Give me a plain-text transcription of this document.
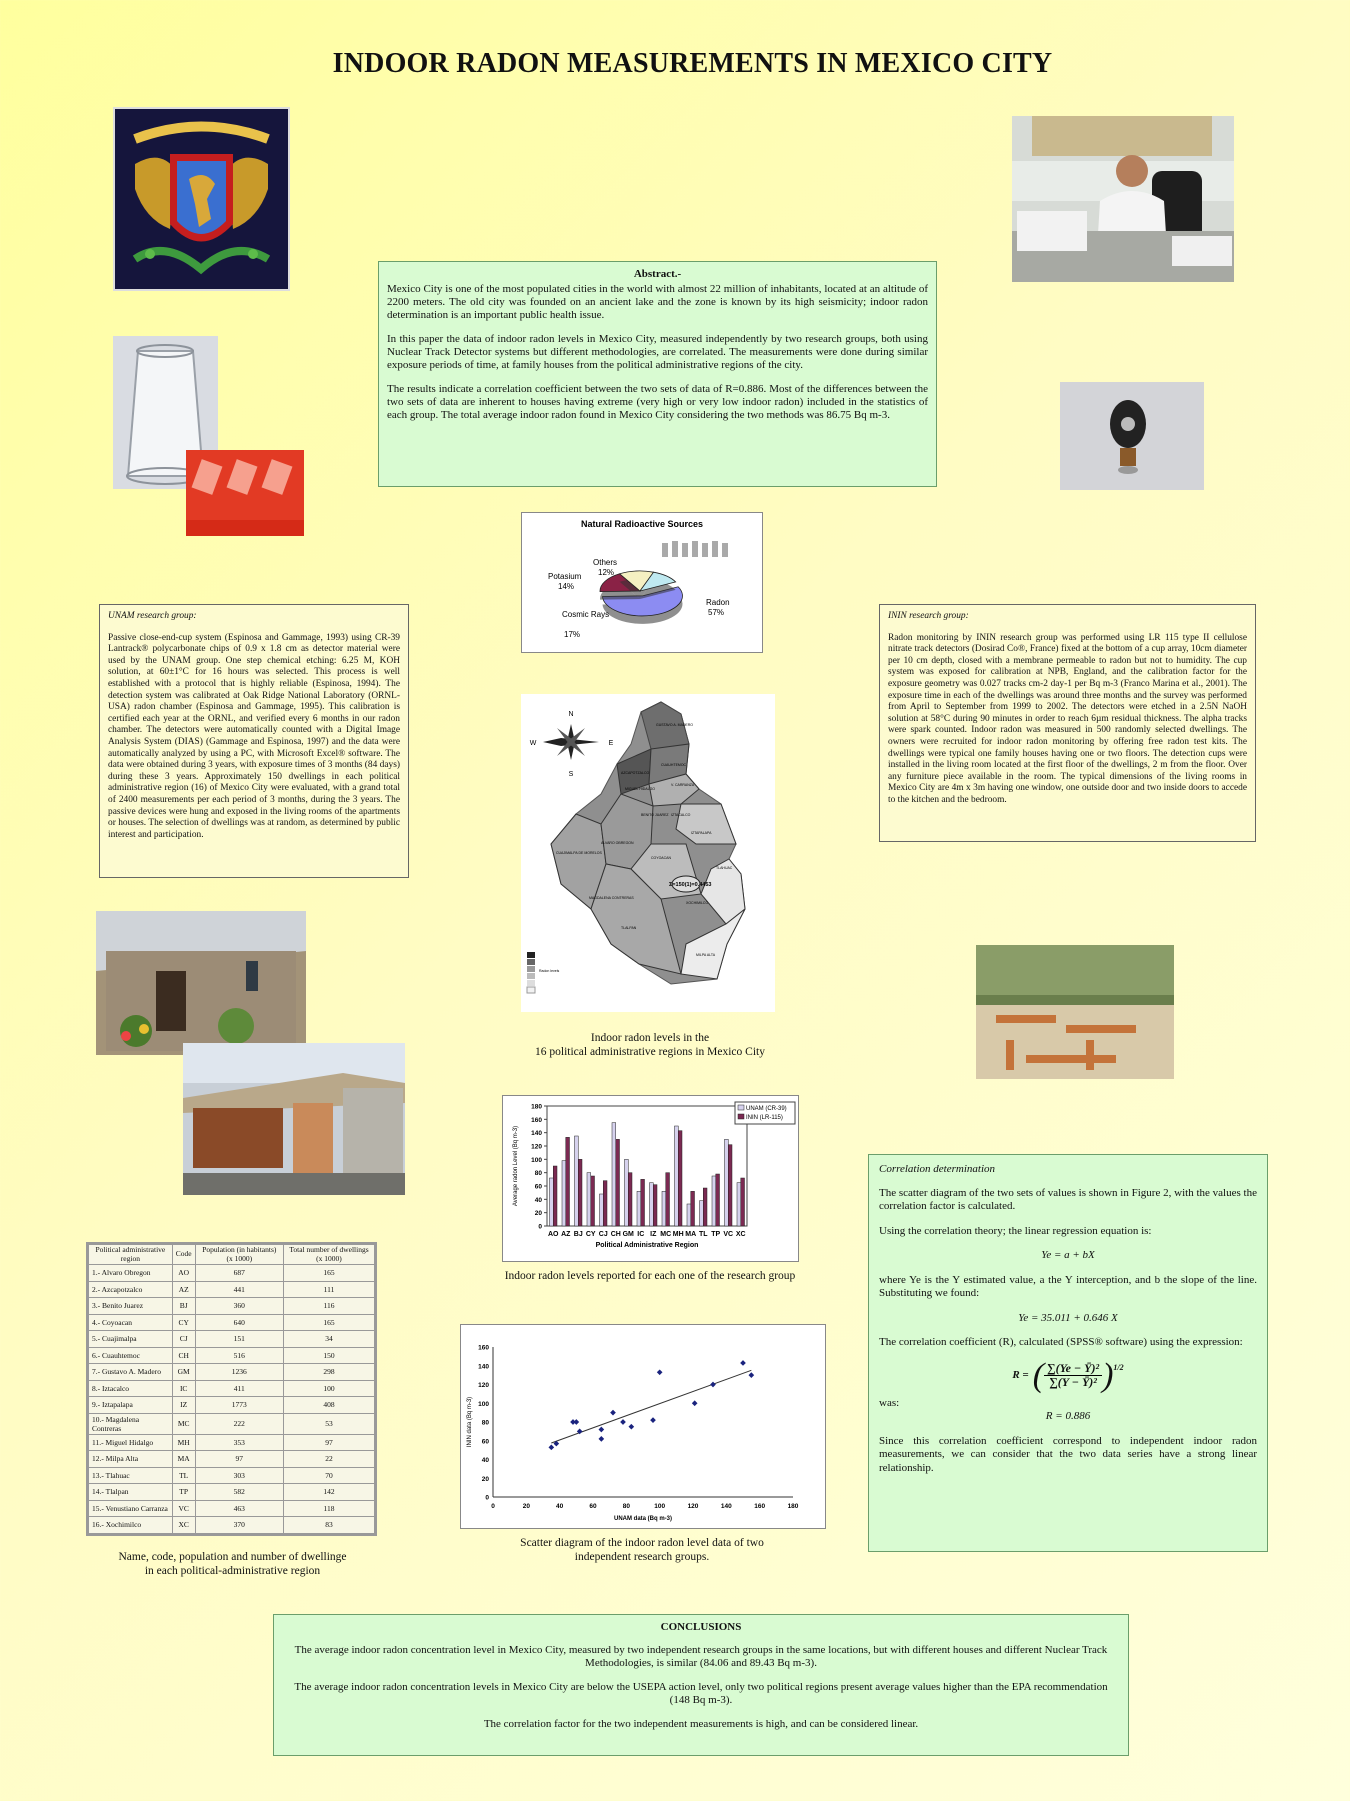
INDOOR RADON MEASUREMENTS IN MEXICO CITY
Abstract.-

Mexico City is one of the most populated cities in the world with almost 22 million of inhabitants, located at an altitude of 2200 meters. The old city was founded on an ancient lake and the zone is known by its high seismicity; indoor radon determination is an important public health issue.

In this paper the data of indoor radon levels in Mexico City, measured independently by two research groups, both using Nuclear Track Detector systems but different methodologies, are correlated. The measurements were done during similar exposure periods of time, at family houses from the political administrative regions of the city.

The results indicate a correlation coefficient between the two sets of data of R=0.886. Most of the differences between the two sets of data are inherent to houses having extreme (very high or very low indoor radon) included in the statistics of each group. The total average indoor radon found in Mexico City considering the two methods was 86.75 Bq m-3.

Natural Radioactive Sources
Radon
57%
Cosmic Rays
17%
Potasium
14%
Others
12%
UNAM research group:
Passive close-end-cup system (Espinosa and Gammage, 1993) using CR-39 Lantrack® polycarbonate chips of 0.9 x 1.8 cm as detector material were used by the UNAM group. One step chemical etching: 6.25 M, KOH solution, at 60±1°C for 16 hours was selected. This process is well established with a protocol that is highly reliable (Espinosa, 1994). The detection system was calibrated at Oak Ridge National Laboratory (ORNL-USA) radon chamber (Espinosa and Gammage, 1995). This calibration is certified each year at the ORNL, and verified every 6 months in our radon chamber. The detectors were automatically counted with a Digital Image Analysis System (DIAS) (Gammage and Espinosa, 1997) and the data were automatically analyzed by using a PC, with Microsoft Excel® software. The data were obtained during 3 years, with exposure times of 3 months (84 days) during these 3 years. Approximately 150 dwellings in each political administrative region (16) of Mexico City were evaluated, with a grand total of 2400 measurements per each period of 3 months, during the 3 years. The passive devices were hung and exposed in the living rooms of the apartments or houses. The selection of dwellings was at random, as determined by public interest and participation.
ININ research group:
Radon monitoring by ININ research group was performed using LR 115 type II cellulose nitrate track detectors (Dosirad Co®, France) fixed at the bottom of a cup array, 10cm diameter per 10 cm depth, closed with a membrane permeable to radon but not to humidity. The cup system was exposed for calibration at NPB, England, and the calibration factor for the exposure geometry was 0.027 tracks cm-2 day-1 per Bq m-3 (Franco Marina et al., 2001). The exposure time in each of the dwellings was around three months and the survey was performed from April to September from 1999 to 2002. The detectors were etched in a 2.5N NaOH solution at 58°C during 90 minutes in order to reach 6µm residual thickness. The alpha tracks were spark counted. Indoor radon was measured in 500 randomly selected dwellings. The owners were recruited for indoor radon monitoring by offering free radon test kits. The dwellings were typical one family houses having one or two floors. The detection cups were installed in the living room located at the first floor of the dwellings, 2 m from the floor. Over any furniture piece available in the room. The typical dimensions of the living rooms in Mexico City are 4m x 3m having one window, one outside door and two inside doors to accede to the kitchen and the bedroom.
N
E
S
W
Σ=150(1)=0.4453
GUSTAVO A. MADERO
AZCAPOTZALCO
MIGUEL HIDALGO
CUAUHTEMOC
V. CARRANZA
BENITO JUAREZ IZTACALCO
CUAJIMALPA DE MORELOS
ALVARO OBREGON
COYOACAN
IZTAPALAPA
MAGDALENA CONTRERAS
TLAHUAC
XOCHIMILCO
TLALPAN
MILPA ALTA
Radon levels
Indoor radon levels in the
16 political administrative regions in Mexico City
0
20
40
60
80
100
120
140
160
180
AO AZ BJ CY CJ CH GM IC IZ MC MH MA TL TP VC XC
Political Administrative Region
Average radon Level (Bq m-3)
UNAM (CR-39)
ININ (LR-115)
Indoor radon levels reported for each one of the research group
Political administrative region	Code	Population (in habitants) (x 1000)	Total number of dwellings (x 1000)
1.- Alvaro Obregon	AO	687	165
2.- Azcapotzalco	AZ	441	111
3.- Benito Juarez	BJ	360	116
4.- Coyoacan	CY	640	165
5.- Cuajimalpa	CJ	151	34
6.- Cuauhtemoc	CH	516	150
7.- Gustavo A. Madero	GM	1236	298
8.- Iztacalco	IC	411	100
9.- Iztapalapa	IZ	1773	408
10.- Magdalena Contreras	MC	222	53
11.- Miguel Hidalgo	MH	353	97
12.- Milpa Alta	MA	97	22
13.- Tlahuac	TL	303	70
14.- Tlalpan	TP	582	142
15.- Venustiano Carranza	VC	463	118
16.- Xochimilco	XC	370	83
Name, code, population and number of dwellinge
in each political-administrative region
0
20
40
60
80
100
120
140
160
0	20	40	60	80	100	120	140	160	180
UNAM data (Bq m-3)
ININ data (Bq m-3)
Scatter diagram of the indoor radon level data of two
independent research groups.
Correlation determination

The scatter diagram of the two sets of values is shown in Figure 2, with the values the correlation factor is calculated.

Using the correlation theory; the linear regression equation is:

Ye = a + bX

where Ye is the Y estimated value, a the Y interception, and b the slope of the line. Substituting we found:

Ye = 35.011 + 0.646 X

The correlation coefficient (R), calculated (SPSS® software) using the expression:

R = ( ∑(Ye − Ȳ)²
∑(Y − Ȳ)² )$^{1/2}$

was:

R = 0.886

Since this correlation coefficient correspond to independent indoor radon measurements, we can consider that the two data series have a strong linear relationship.

CONCLUSIONS

The average indoor radon concentration level in Mexico City, measured by two independent research groups in the same locations, but with different houses and different Nuclear Track Methodologies, is similar (84.06 and 89.43 Bq m-3).

The average indoor radon concentration levels in Mexico City are below the USEPA action level, only two political regions present average values higher than the EPA recommendation (148 Bq m-3).

The correlation factor for the two independent measurements is high, and can be considered linear.
